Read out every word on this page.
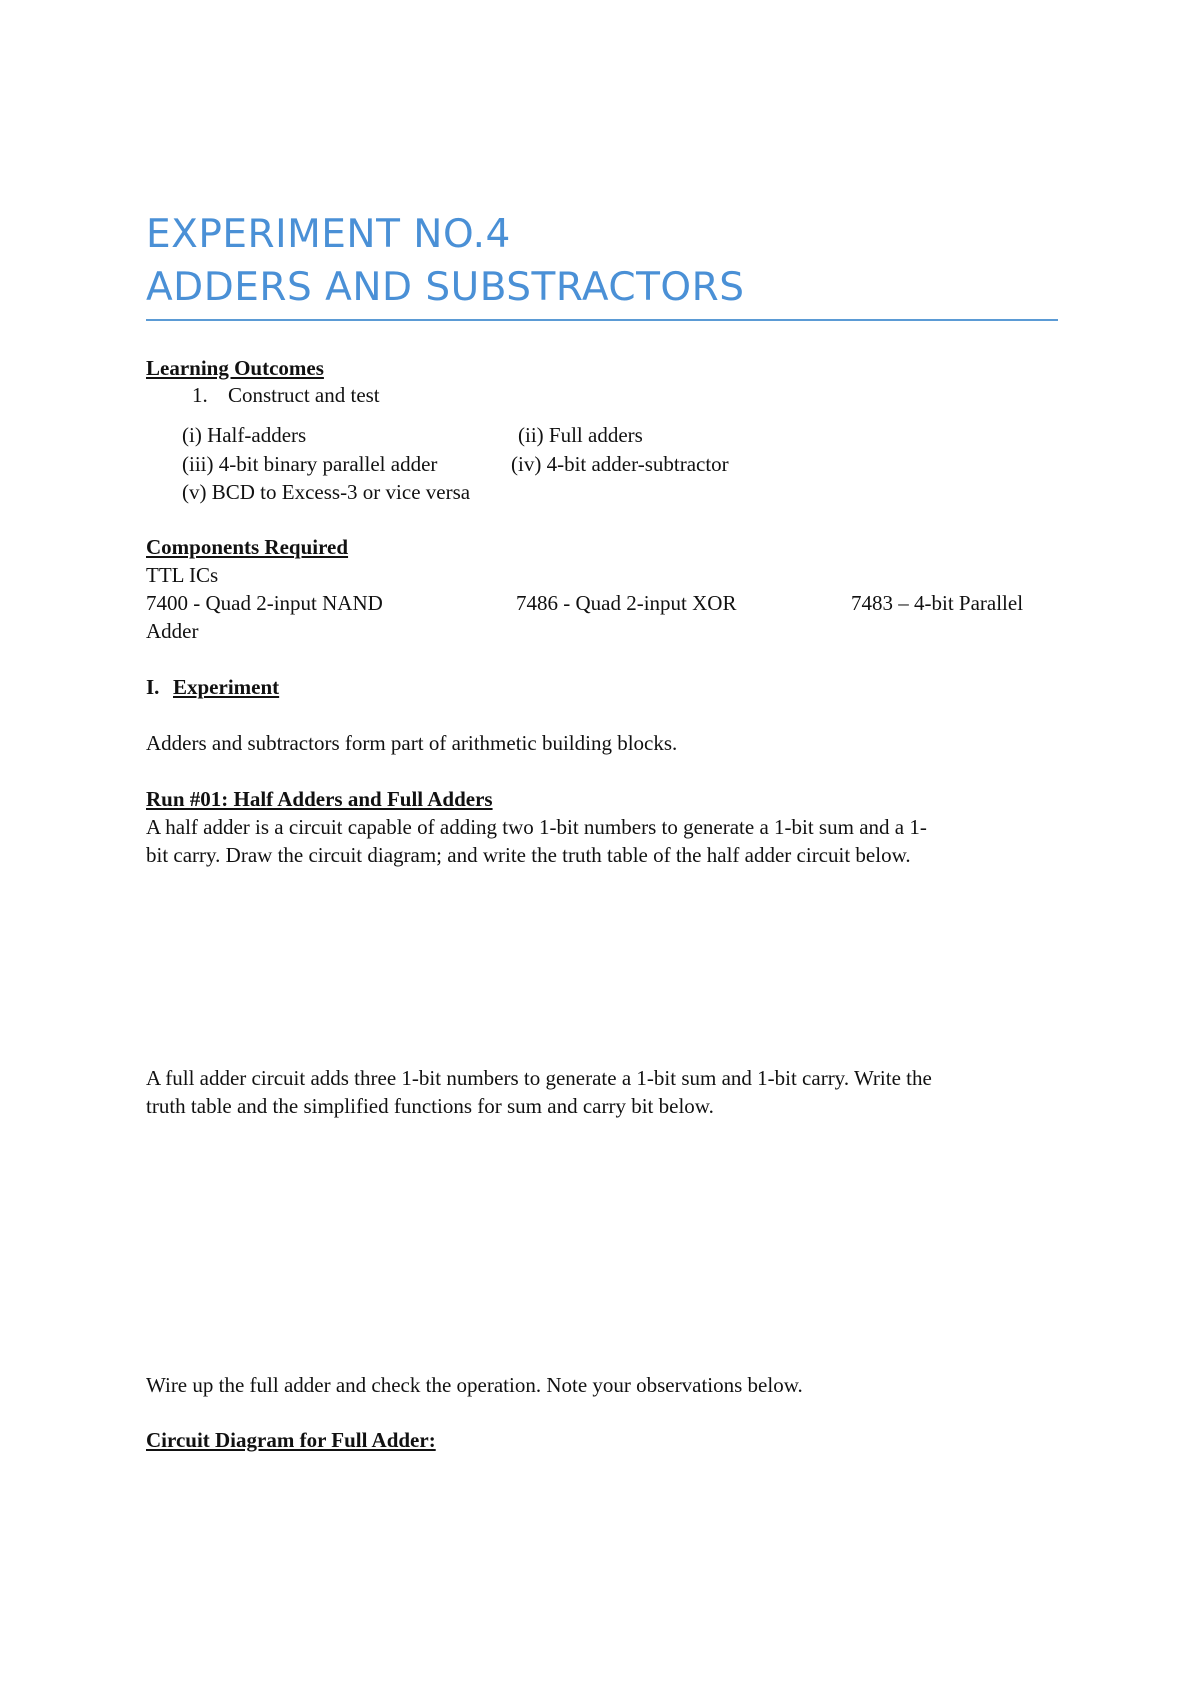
EXPERIMENT NO.4
ADDERS AND SUBSTRACTORS
Learning Outcomes
1. Construct and test
(i) Half-adders	(ii) Full adders
(iii) 4-bit binary parallel adder	(iv) 4-bit adder-subtractor
(v) BCD to Excess-3 or vice versa
Components Required
TTL ICs
7400 - Quad 2-input NAND	7486 - Quad 2-input XOR	7483 – 4-bit Parallel
Adder
I. Experiment
Adders and subtractors form part of arithmetic building blocks.
Run #01: Half Adders and Full Adders
A half adder is a circuit capable of adding two 1-bit numbers to generate a 1-bit sum and a 1-
bit carry. Draw the circuit diagram; and write the truth table of the half adder circuit below.
A full adder circuit adds three 1-bit numbers to generate a 1-bit sum and 1-bit carry. Write the
truth table and the simplified functions for sum and carry bit below.
Wire up the full adder and check the operation. Note your observations below.
Circuit Diagram for Full Adder:
